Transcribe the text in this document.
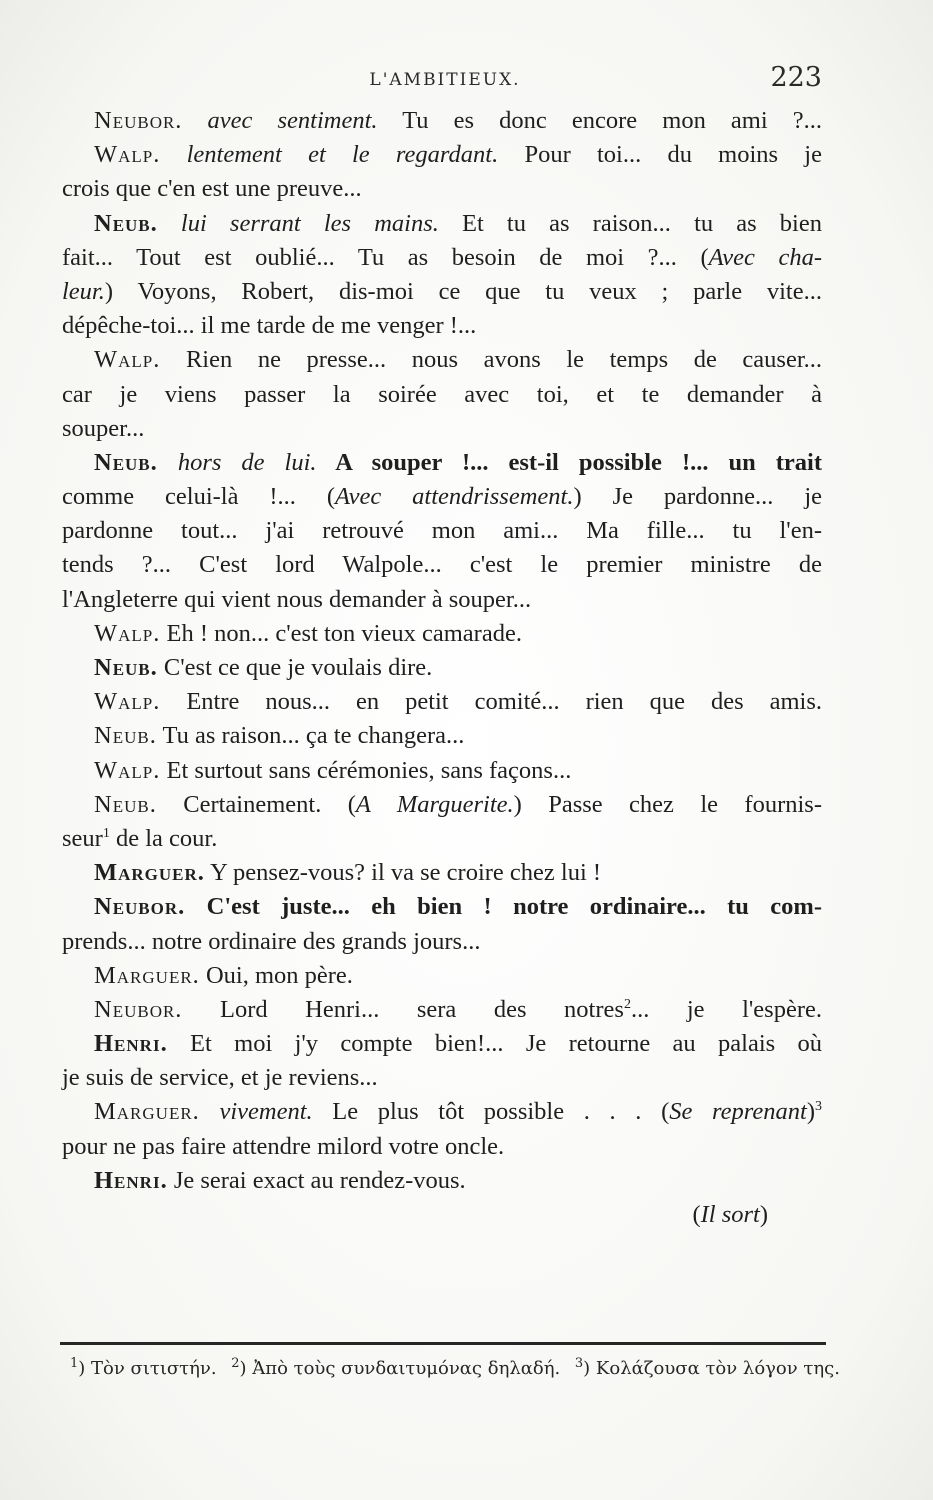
L'AMBITIEUX.	223
Neubor. avec sentiment. Tu es donc encore mon ami ?...
Walp. lentement et le regardant. Pour toi... du moins je
crois que c'en est une preuve...
Neub. lui serrant les mains. Et tu as raison... tu as bien
fait... Tout est oublié... Tu as besoin de moi ?... (Avec cha-
leur.) Voyons, Robert, dis-moi ce que tu veux ; parle vite...
dépêche-toi... il me tarde de me venger !...
Walp. Rien ne presse... nous avons le temps de causer...
car je viens passer la soirée avec toi, et te demander à
souper...
Neub. hors de lui. A souper !... est-il possible !... un trait
comme celui-là !... (Avec attendrissement.) Je pardonne... je
pardonne tout... j'ai retrouvé mon ami... Ma fille... tu l'en-
tends ?... C'est lord Walpole... c'est le premier ministre de
l'Angleterre qui vient nous demander à souper...
Walp. Eh ! non... c'est ton vieux camarade.
Neub. C'est ce que je voulais dire.
Walp. Entre nous... en petit comité... rien que des amis.
Neub. Tu as raison... ça te changera...
Walp. Et surtout sans cérémonies, sans façons...
Neub. Certainement. (A Marguerite.) Passe chez le fournis-
seur$^1$ de la cour.
Marguer. Y pensez-vous? il va se croire chez lui !
Neubor. C'est juste... eh bien ! notre ordinaire... tu com-
prends... notre ordinaire des grands jours...
Marguer. Oui, mon père.
Neubor. Lord Henri... sera des notres$^2$... je l'espère.
Henri. Et moi j'y compte bien!... Je retourne au palais où
je suis de service, et je reviens...
Marguer. vivement. Le plus tôt possible . . . (Se reprenant)$^3$
pour ne pas faire attendre milord votre oncle.
Henri. Je serai exact au rendez-vous.
(Il sort)
$^1$) Τὸν σιτιστήν. $^2$) Ἀπὸ τοὺς συνδαιτυμόνας δηλαδή. $^3$) Κολάζουσα τὸν λόγον της.
